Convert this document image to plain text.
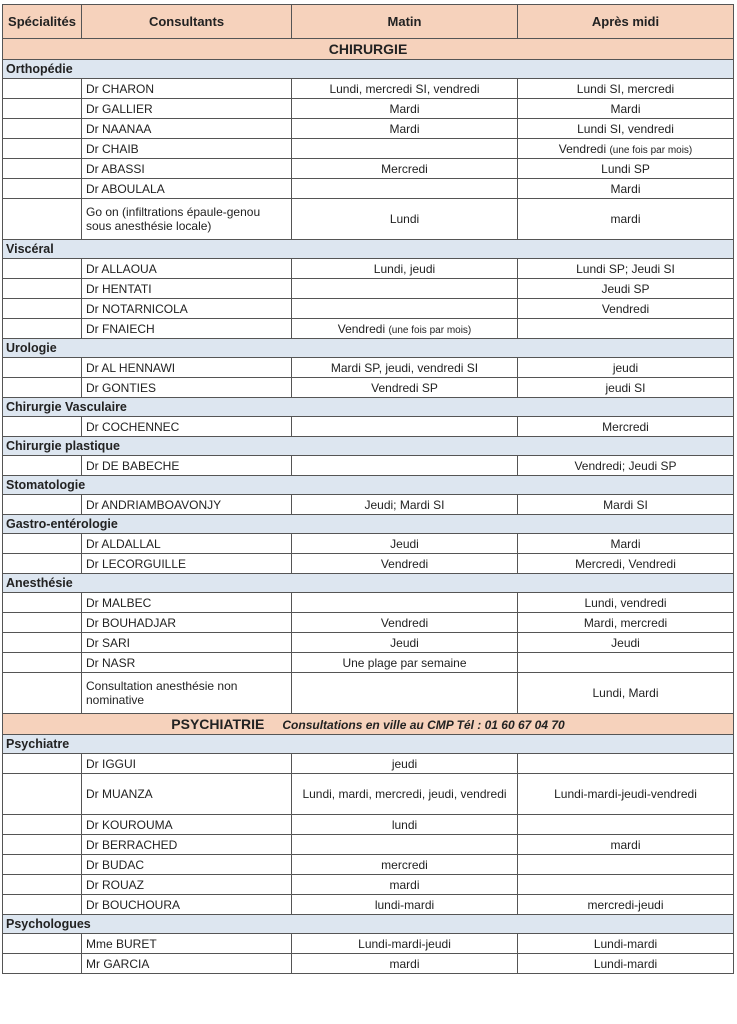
Spécialités	Consultants	Matin	Après midi
CHIRURGIE			
Orthopédie			
	Dr CHARON	Lundi, mercredi SI, vendredi	Lundi SI, mercredi
	Dr GALLIER	Mardi	Mardi
	Dr NAANAA	Mardi	Lundi SI, vendredi
	Dr CHAIB		Vendredi (une fois par mois)
	Dr ABASSI	Mercredi	Lundi SP
	Dr ABOULALA		Mardi
	Go on (infiltrations épaule-genou sous anesthésie locale)	Lundi	mardi
Viscéral			
	Dr ALLAOUA	Lundi, jeudi	Lundi SP; Jeudi SI
	Dr HENTATI		Jeudi SP
	Dr NOTARNICOLA		Vendredi
	Dr FNAIECH	Vendredi (une fois par mois)	
Urologie			
	Dr AL HENNAWI	Mardi SP, jeudi, vendredi SI	jeudi
	Dr GONTIES	Vendredi SP	jeudi SI
Chirurgie Vasculaire			
	Dr COCHENNEC		Mercredi
Chirurgie plastique			
	Dr DE BABECHE		Vendredi; Jeudi SP
Stomatologie			
	Dr ANDRIAMBOAVONJY	Jeudi; Mardi SI	Mardi SI
Gastro-entérologie			
	Dr ALDALLAL	Jeudi	Mardi
	Dr LECORGUILLE	Vendredi	Mercredi, Vendredi
Anesthésie			
	Dr MALBEC		Lundi, vendredi
	Dr BOUHADJAR	Vendredi	Mardi, mercredi
	Dr SARI	Jeudi	Jeudi
	Dr NASR	Une plage par semaine	
	Consultation anesthésie non nominative		Lundi, Mardi
PSYCHIATRIE Consultations en ville au CMP Tél : 01 60 67 04 70			
Psychiatre			
	Dr IGGUI	jeudi	
	Dr MUANZA	Lundi, mardi, mercredi, jeudi, vendredi	Lundi-mardi-jeudi-vendredi
	Dr KOUROUMA	lundi	
	Dr BERRACHED		mardi
	Dr BUDAC	mercredi	
	Dr ROUAZ	mardi	
	Dr BOUCHOURA	lundi-mardi	mercredi-jeudi
Psychologues			
	Mme BURET	Lundi-mardi-jeudi	Lundi-mardi
	Mr GARCIA	mardi	Lundi-mardi
